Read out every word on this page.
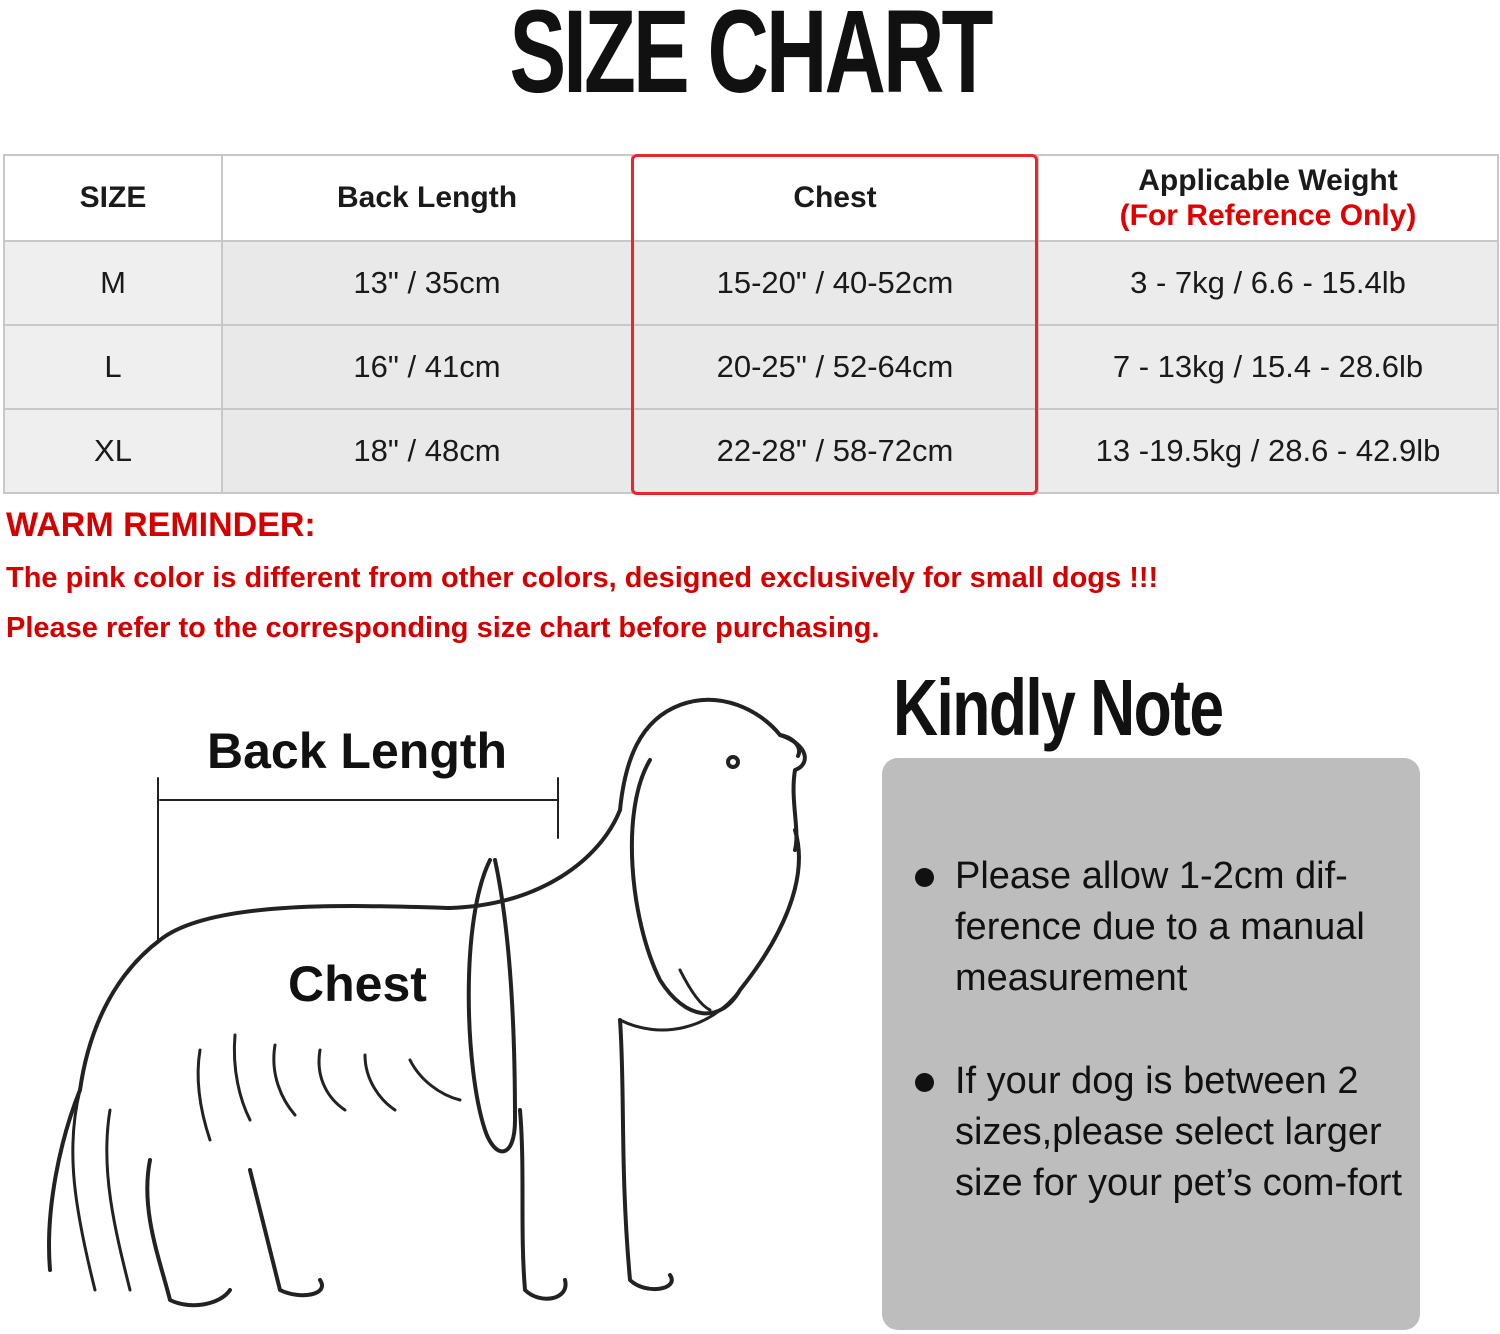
SIZE CHART
SIZE	Back Length	Chest	Applicable Weight
(For Reference Only)

M	13" / 35cm	15-20" / 40-52cm	3 - 7kg / 6.6 - 15.4lb
L	16" / 41cm	20-25" / 52-64cm	7 - 13kg / 15.4 - 28.6lb
XL	18" / 48cm	22-28" / 58-72cm	13 -19.5kg / 28.6 - 42.9lb
WARM REMINDER:
The pink color is different from other colors, designed exclusively for small dogs !!!
Please refer to the corresponding size chart before purchasing.
Back Length
Chest
Kindly Note
Please allow 1-2cm dif-ference due to a manual measurement
If your dog is between 2 sizes,please select larger size for your pet’s com-fort
